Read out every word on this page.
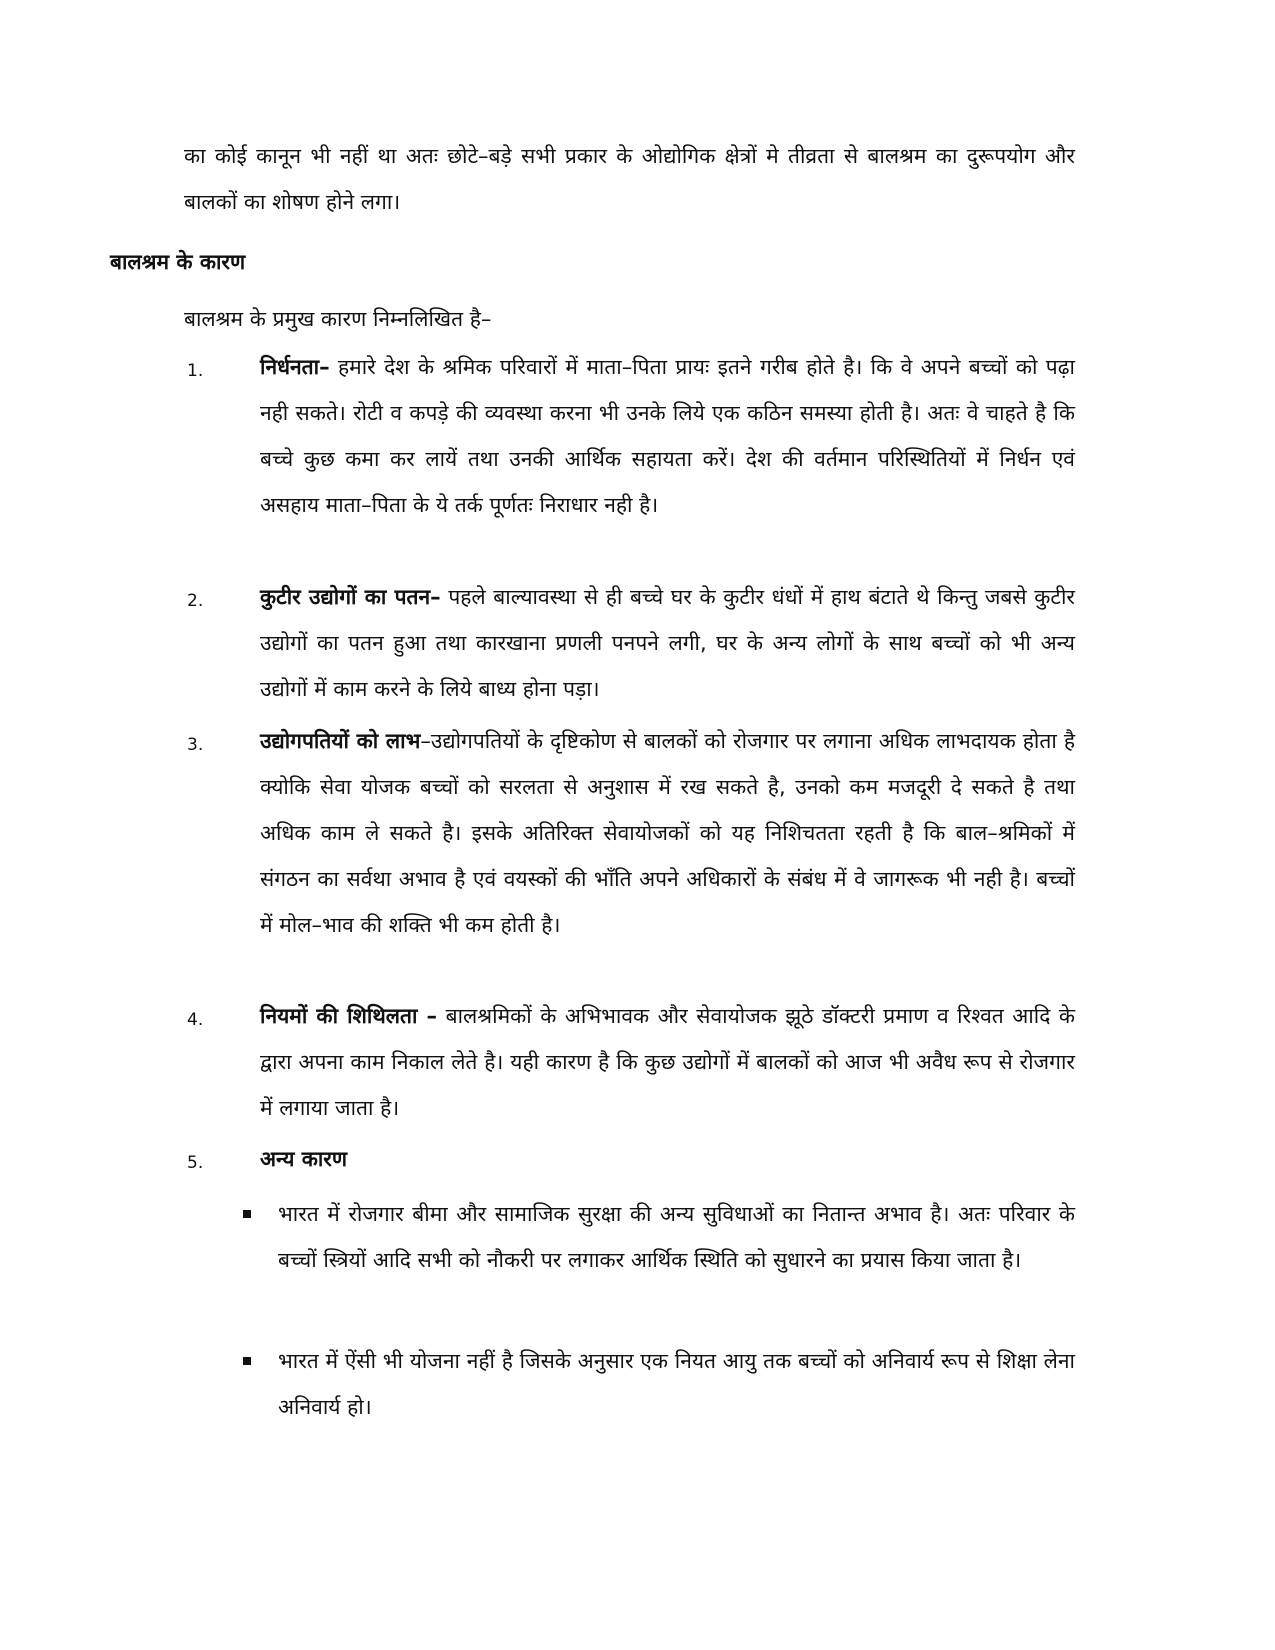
का कोई कानून भी नहीं था अतः छोटे–बड़े सभी प्रकार के ओद्योगिक क्षेत्रों मे तीव्रता से बालश्रम का दुरूपयोग और बालकों का शोषण होने लगा।

बालश्रम के कारण

बालश्रम के प्रमुख कारण निम्नलिखित है–

1.	निर्धनता– हमारे देश के श्रमिक परिवारों में माता–पिता प्रायः इतने गरीब होते है। कि वे अपने बच्चों को पढ़ा नही सकते। रोटी व कपड़े की व्यवस्था करना भी उनके लिये एक कठिन समस्या होती है। अतः वे चाहते है कि बच्चे कुछ कमा कर लायें तथा उनकी आर्थिक सहायता करें। देश की वर्तमान परिस्थितियों में निर्धन एवं असहाय माता–पिता के ये तर्क पूर्णतः निराधार नही है।

2.	कुटीर उद्योगों का पतन– पहले बाल्यावस्था से ही बच्चे घर के कुटीर धंधों में हाथ बंटाते थे किन्तु जबसे कुटीर उद्योगों का पतन हुआ तथा कारखाना प्रणली पनपने लगी, घर के अन्य लोगों के साथ बच्चों को भी अन्य उद्योगों में काम करने के लिये बाध्य होना पड़ा।

3.	उद्योगपतियों को लाभ–उद्योगपतियों के दृष्टिकोण से बालकों को रोजगार पर लगाना अधिक लाभदायक होता है क्योकि सेवा योजक बच्चों को सरलता से अनुशास में रख सकते है, उनको कम मजदूरी दे सकते है तथा अधिक काम ले सकते है। इसके अतिरिक्त सेवायोजकों को यह निशिचतता रहती है कि बाल–श्रमिकों में संगठन का सर्वथा अभाव है एवं वयस्कों की भाँति अपने अधिकारों के संबंध में वे जागरूक भी नही है। बच्चों में मोल–भाव की शक्ति भी कम होती है।

4.	नियमों की शिथिलता – बालश्रमिकों के अभिभावक और सेवायोजक झूठे डॉक्टरी प्रमाण व रिश्वत आदि के द्वारा अपना काम निकाल लेते है। यही कारण है कि कुछ उद्योगों में बालकों को आज भी अवैध रूप से रोजगार में लगाया जाता है।

5.	अन्य कारण

भारत में रोजगार बीमा और सामाजिक सुरक्षा की अन्य सुविधाओं का नितान्त अभाव है। अतः परिवार के बच्चों स्त्रियों आदि सभी को नौकरी पर लगाकर आर्थिक स्थिति को सुधारने का प्रयास किया जाता है।

भारत में ऐंसी भी योजना नहीं है जिसके अनुसार एक नियत आयु तक बच्चों को अनिवार्य रूप से शिक्षा लेना अनिवार्य हो।
